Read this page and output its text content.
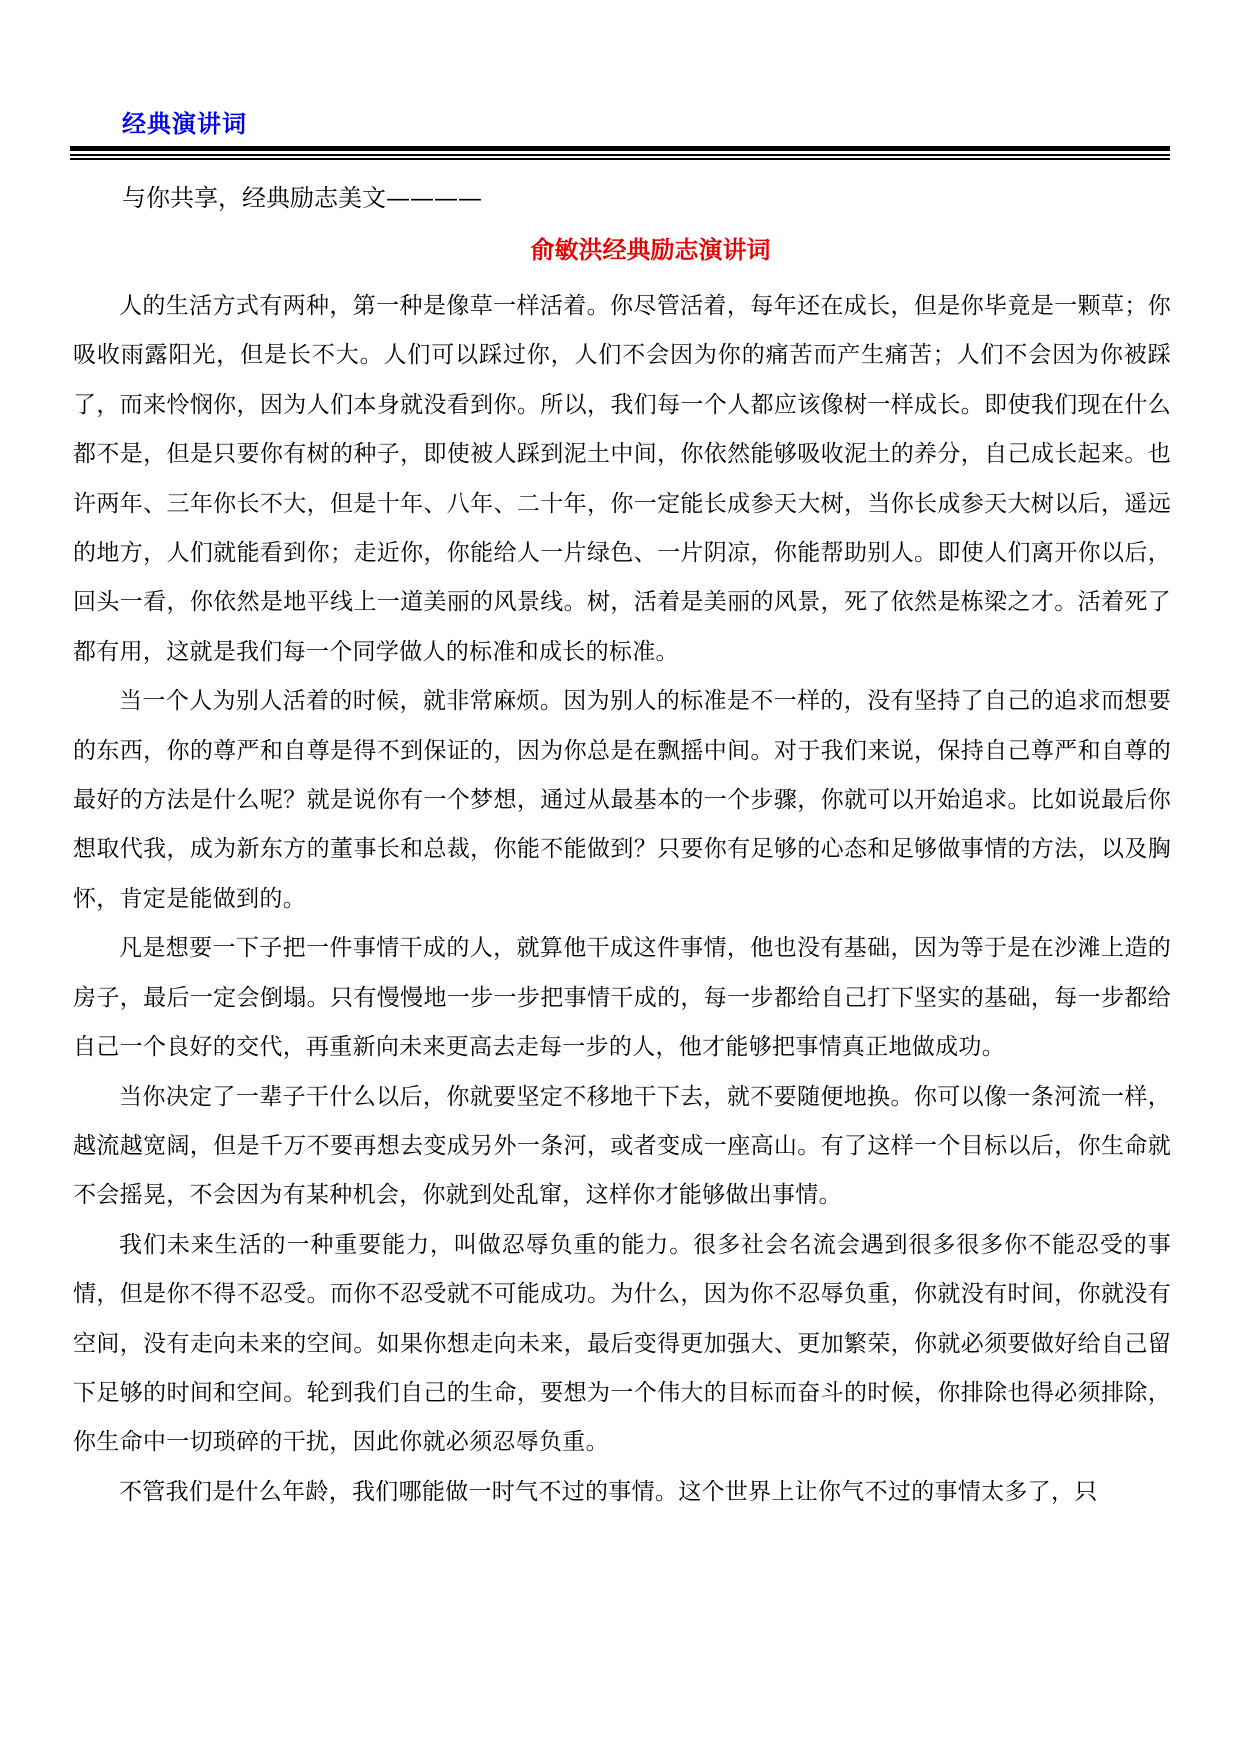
经典演讲词
与你共享，经典励志美文————
俞敏洪经典励志演讲词

人的生活方式有两种，第一种是像草一样活着。你尽管活着，每年还在成长，但是你毕竟是一颗草；你吸收雨露阳光，但是长不大。人们可以踩过你，人们不会因为你的痛苦而产生痛苦；人们不会因为你被踩了，而来怜悯你，因为人们本身就没看到你。所以，我们每一个人都应该像树一样成长。即使我们现在什么都不是，但是只要你有树的种子，即使被人踩到泥土中间，你依然能够吸收泥土的养分，自己成长起来。也许两年、三年你长不大，但是十年、八年、二十年，你一定能长成参天大树，当你长成参天大树以后，遥远的地方，人们就能看到你；走近你，你能给人一片绿色、一片阴凉，你能帮助别人。即使人们离开你以后，回头一看，你依然是地平线上一道美丽的风景线。树，活着是美丽的风景，死了依然是栋梁之才。活着死了都有用，这就是我们每一个同学做人的标准和成长的标准。

当一个人为别人活着的时候，就非常麻烦。因为别人的标准是不一样的，没有坚持了自己的追求而想要的东西，你的尊严和自尊是得不到保证的，因为你总是在飘摇中间。对于我们来说，保持自己尊严和自尊的最好的方法是什么呢？就是说你有一个梦想，通过从最基本的一个步骤，你就可以开始追求。比如说最后你想取代我，成为新东方的董事长和总裁，你能不能做到？只要你有足够的心态和足够做事情的方法，以及胸怀，肯定是能做到的。

凡是想要一下子把一件事情干成的人，就算他干成这件事情，他也没有基础，因为等于是在沙滩上造的房子，最后一定会倒塌。只有慢慢地一步一步把事情干成的，每一步都给自己打下坚实的基础，每一步都给自己一个良好的交代，再重新向未来更高去走每一步的人，他才能够把事情真正地做成功。

当你决定了一辈子干什么以后，你就要坚定不移地干下去，就不要随便地换。你可以像一条河流一样，越流越宽阔，但是千万不要再想去变成另外一条河，或者变成一座高山。有了这样一个目标以后，你生命就不会摇晃，不会因为有某种机会，你就到处乱窜，这样你才能够做出事情。

我们未来生活的一种重要能力，叫做忍辱负重的能力。很多社会名流会遇到很多很多你不能忍受的事情，但是你不得不忍受。而你不忍受就不可能成功。为什么，因为你不忍辱负重，你就没有时间，你就没有空间，没有走向未来的空间。如果你想走向未来，最后变得更加强大、更加繁荣，你就必须要做好给自己留下足够的时间和空间。轮到我们自己的生命，要想为一个伟大的目标而奋斗的时候，你排除也得必须排除，你生命中一切琐碎的干扰，因此你就必须忍辱负重。

不管我们是什么年龄，我们哪能做一时气不过的事情。这个世界上让你气不过的事情太多了，只
